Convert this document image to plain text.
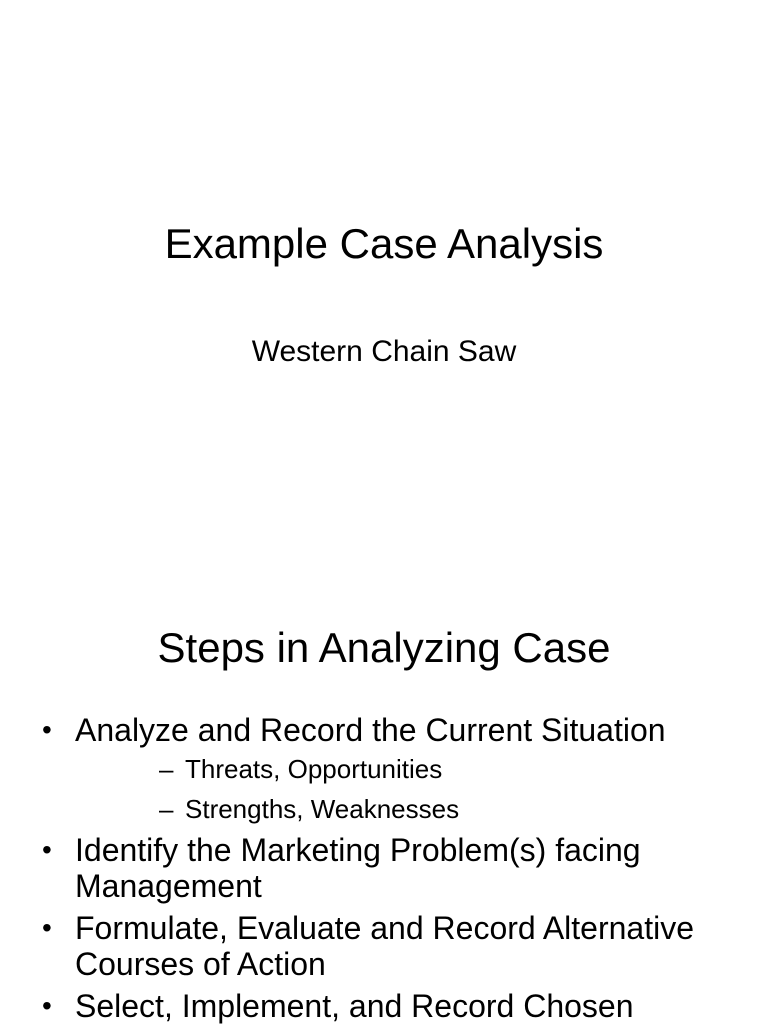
Example Case Analysis
Western Chain Saw
Steps in Analyzing Case
• Analyze and Record the Current Situation
– Threats, Opportunities
– Strengths, Weaknesses
• Identify the Marketing Problem(s) facing Management
• Formulate, Evaluate and Record Alternative Courses of Action
• Select, Implement, and Record Chosen
